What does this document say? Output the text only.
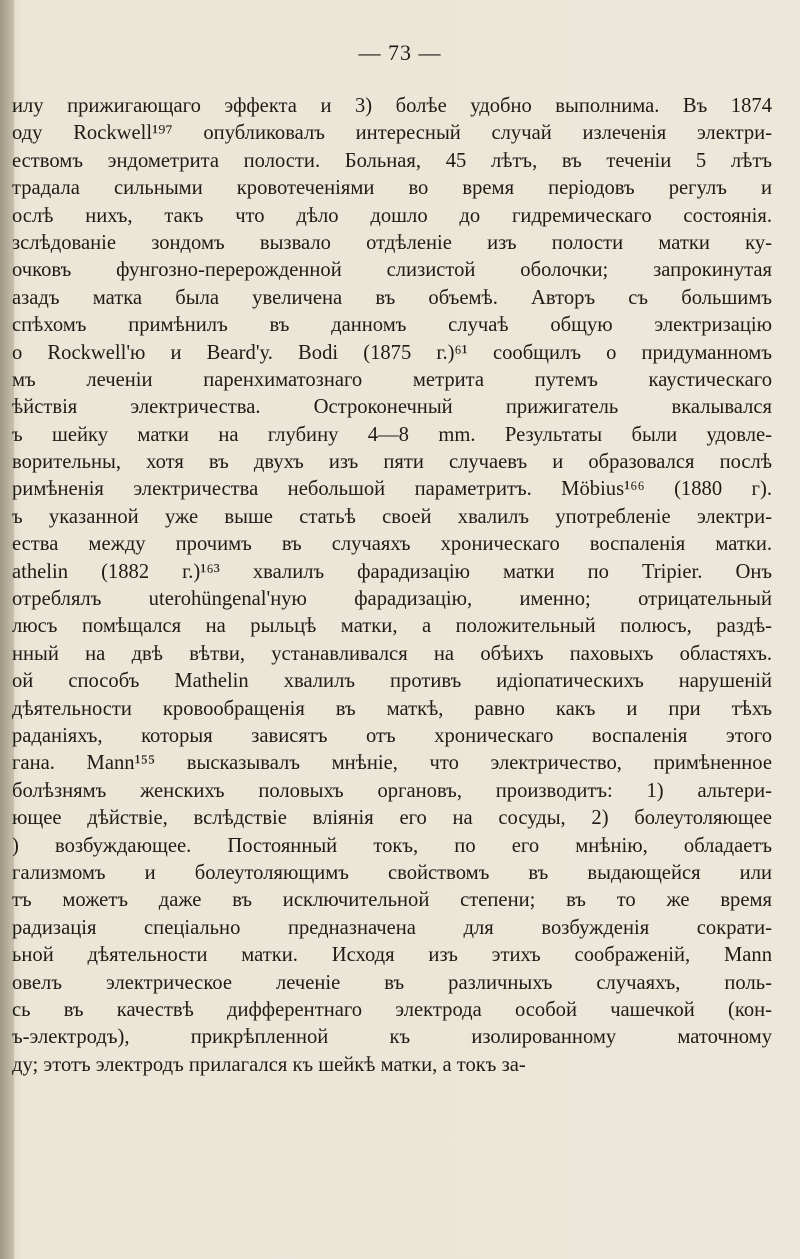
— 73 —
илу прижигающаго эффекта и 3) болѣе удобно выполнима. Въ 1874
оду Rockwell¹⁹⁷ опубликовалъ интересный случай излеченія электри-
ествомъ эндометрита полости. Больная, 45 лѣтъ, въ теченіи 5 лѣтъ
традала сильными кровотеченіями во время періодовъ регулъ и
ослѣ нихъ, такъ что дѣло дошло до гидремическаго состоянія.
зслѣдованіе зондомъ вызвало отдѣленіе изъ полости матки ку-
очковъ фунгозно-перерожденной слизистой оболочки; запрокинутая
азадъ матка была увеличена въ объемѣ. Авторъ съ большимъ
спѣхомъ примѣнилъ въ данномъ случаѣ общую электризацію
о Rockwell'ю и Beard'у. Bodi (1875 г.)⁶¹ сообщилъ о придуманномъ
мъ леченіи паренхиматознаго метрита путемъ каустическаго
ѣйствія электричества. Остроконечный прижигатель вкалывался
ъ шейку матки на глубину 4—8 mm. Результаты были удовле-
ворительны, хотя въ двухъ изъ пяти случаевъ и образовался послѣ
римѣненія электричества небольшой параметритъ. Möbius¹⁶⁶ (1880 г).
ъ указанной уже выше статьѣ своей хвалилъ употребленіе электри-
ества между прочимъ въ случаяхъ хроническаго воспаленія матки.
athelin (1882 г.)¹⁶³ хвалилъ фарадизацію матки по Tripier. Онъ
отреблялъ uterohüngenal'ную фарадизацію, именно; отрицательный
люсъ помѣщался на рыльцѣ матки, а положительный полюсъ, раздѣ-
нный на двѣ вѣтви, устанавливался на обѣихъ паховыхъ областяхъ.
ой способъ Mathelin хвалилъ противъ идіопатическихъ нарушеній
дѣятельности кровообращенія въ маткѣ, равно какъ и при тѣхъ
раданіяхъ, которыя зависятъ отъ хроническаго воспаленія этого
гана. Mann¹⁵⁵ высказывалъ мнѣніе, что электричество, примѣненное
болѣзнямъ женскихъ половыхъ органовъ, производитъ: 1) альтери-
ющее дѣйствіе, вслѣдствіе вліянія его на сосуды, 2) болеутоляющее
) возбуждающее. Постоянный токъ, по его мнѣнію, обладаетъ
гализмомъ и болеутоляющимъ свойствомъ въ выдающейся или
тъ можетъ даже въ исключительной степени; въ то же время
радизація спеціально предназначена для возбужденія сократи-
ьной дѣятельности матки. Исходя изъ этихъ соображеній, Mann
овелъ электрическое леченіе въ различныхъ случаяхъ, поль-
сь въ качествѣ дифферентнаго электрода особой чашечкой (кон-
ъ-электродъ), прикрѣпленной къ изолированному маточному
ду; этотъ электродъ прилагался къ шейкѣ матки, а токъ за-
